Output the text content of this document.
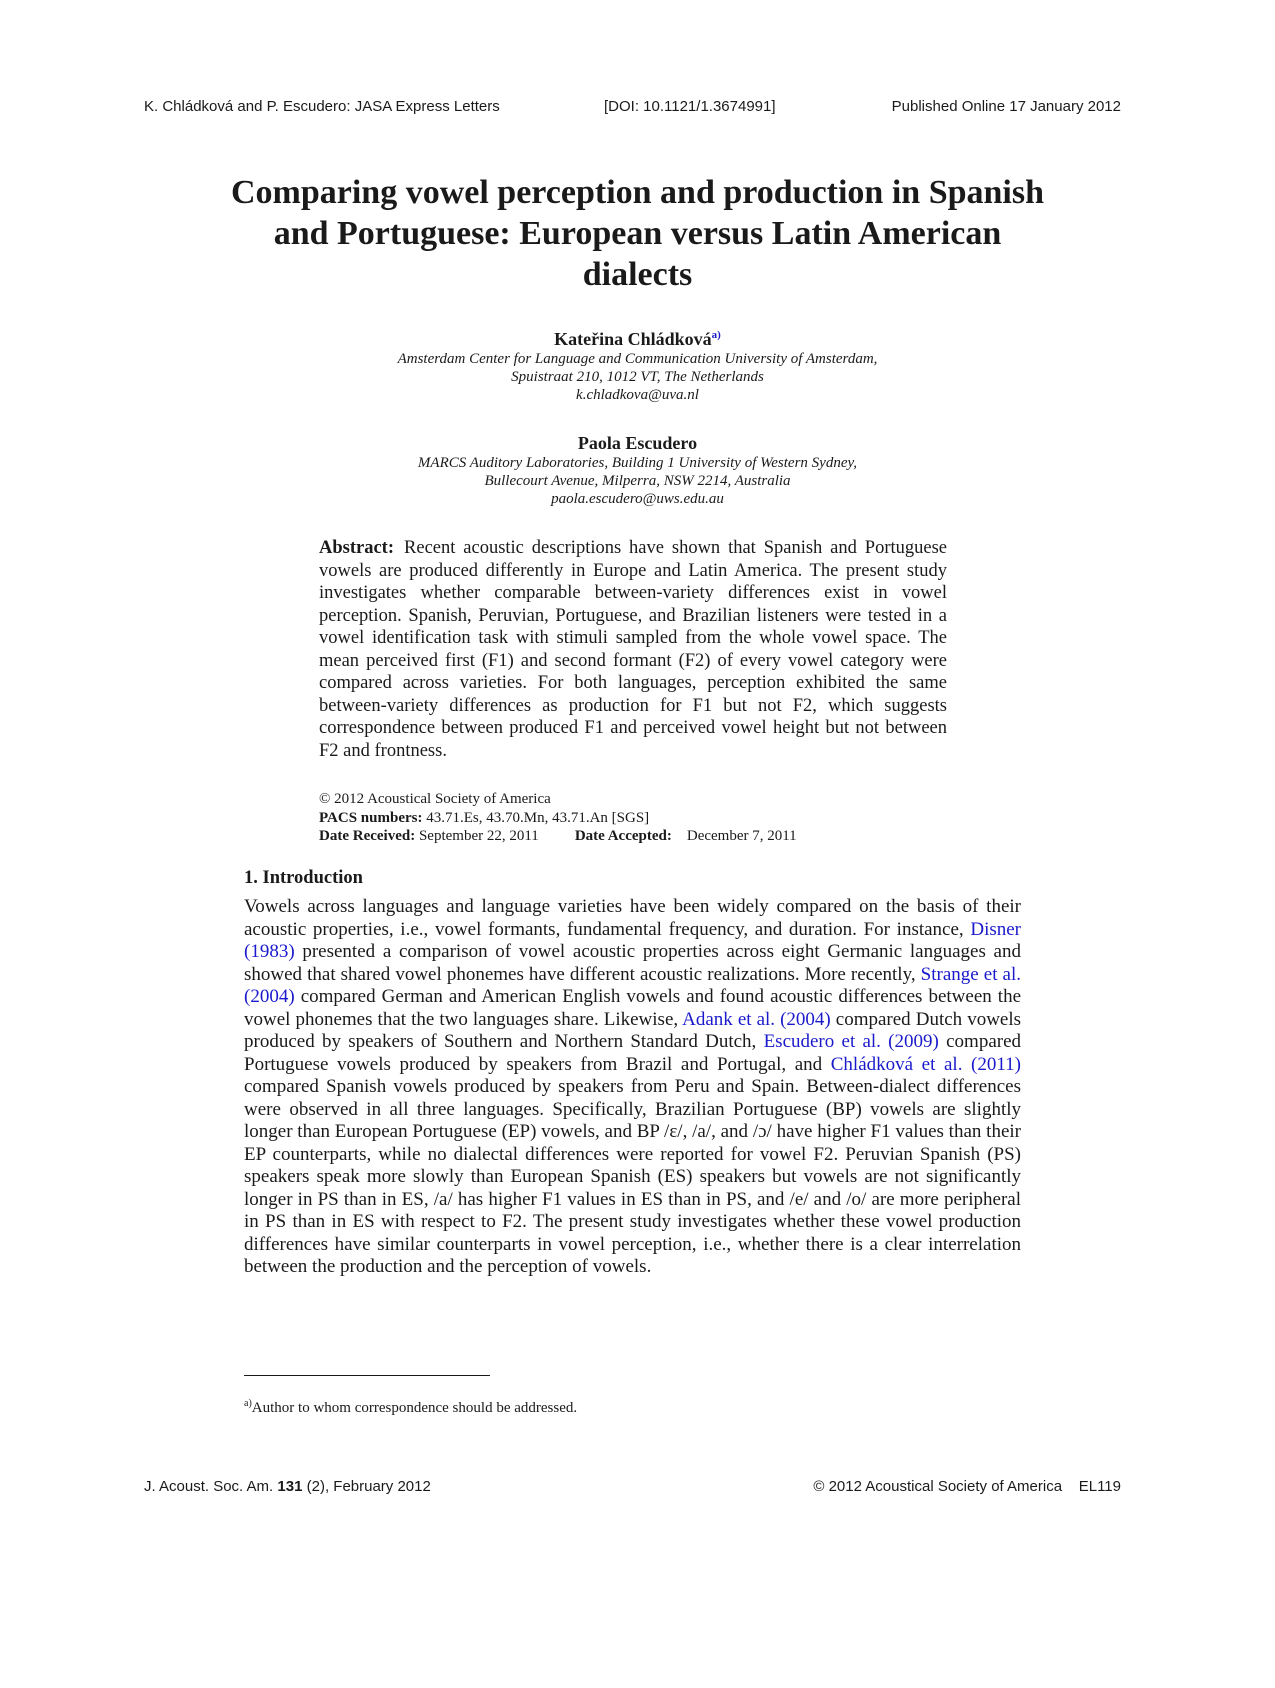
K. Chládková and P. Escudero: JASA Express Letters	[DOI: 10.1121/1.3674991]	Published Online 17 January 2012
Comparing vowel perception and production in Spanish and Portuguese: European versus Latin American dialects
Kateřina Chládková$^{a)}$
Amsterdam Center for Language and Communication University of Amsterdam,
Spuistraat 210, 1012 VT, The Netherlands
k.chladkova@uva.nl
Paola Escudero
MARCS Auditory Laboratories, Building 1 University of Western Sydney,
Bullecourt Avenue, Milperra, NSW 2214, Australia
paola.escudero@uws.edu.au
Abstract: Recent acoustic descriptions have shown that Spanish and Portuguese vowels are produced differently in Europe and Latin America. The present study investigates whether comparable between-variety differences exist in vowel perception. Spanish, Peruvian, Portuguese, and Brazilian listeners were tested in a vowel identification task with stimuli sampled from the whole vowel space. The mean perceived first (F1) and second formant (F2) of every vowel category were compared across varieties. For both languages, perception exhibited the same between-variety differences as production for F1 but not F2, which suggests correspondence between produced F1 and perceived vowel height but not between F2 and frontness.
© 2012 Acoustical Society of America
PACS numbers: 43.71.Es, 43.70.Mn, 43.71.An [SGS]
Date Received: September 22, 2011 Date Accepted: December 7, 2011
1. Introduction
Vowels across languages and language varieties have been widely compared on the basis of their acoustic properties, i.e., vowel formants, fundamental frequency, and duration. For instance, Disner (1983) presented a comparison of vowel acoustic properties across eight Germanic languages and showed that shared vowel phonemes have different acoustic realizations. More recently, Strange et al. (2004) compared German and American English vowels and found acoustic differences between the vowel phonemes that the two languages share. Likewise, Adank et al. (2004) compared Dutch vowels produced by speakers of Southern and Northern Standard Dutch, Escudero et al. (2009) compared Portuguese vowels produced by speakers from Brazil and Portugal, and Chládková et al. (2011) compared Spanish vowels produced by speakers from Peru and Spain. Between-dialect differences were observed in all three languages. Specifically, Brazilian Portuguese (BP) vowels are slightly longer than European Portuguese (EP) vowels, and BP /ɛ/, /a/, and /ɔ/ have higher F1 values than their EP counterparts, while no dialectal differences were reported for vowel F2. Peruvian Spanish (PS) speakers speak more slowly than European Spanish (ES) speakers but vowels are not significantly longer in PS than in ES, /a/ has higher F1 values in ES than in PS, and /e/ and /o/ are more peripheral in PS than in ES with respect to F2. The present study investigates whether these vowel production differences have similar counterparts in vowel perception, i.e., whether there is a clear interrelation between the production and the perception of vowels.
$^{a)}$Author to whom correspondence should be addressed.
J. Acoust. Soc. Am. 131 (2), February 2012	© 2012 Acoustical Society of America EL119
